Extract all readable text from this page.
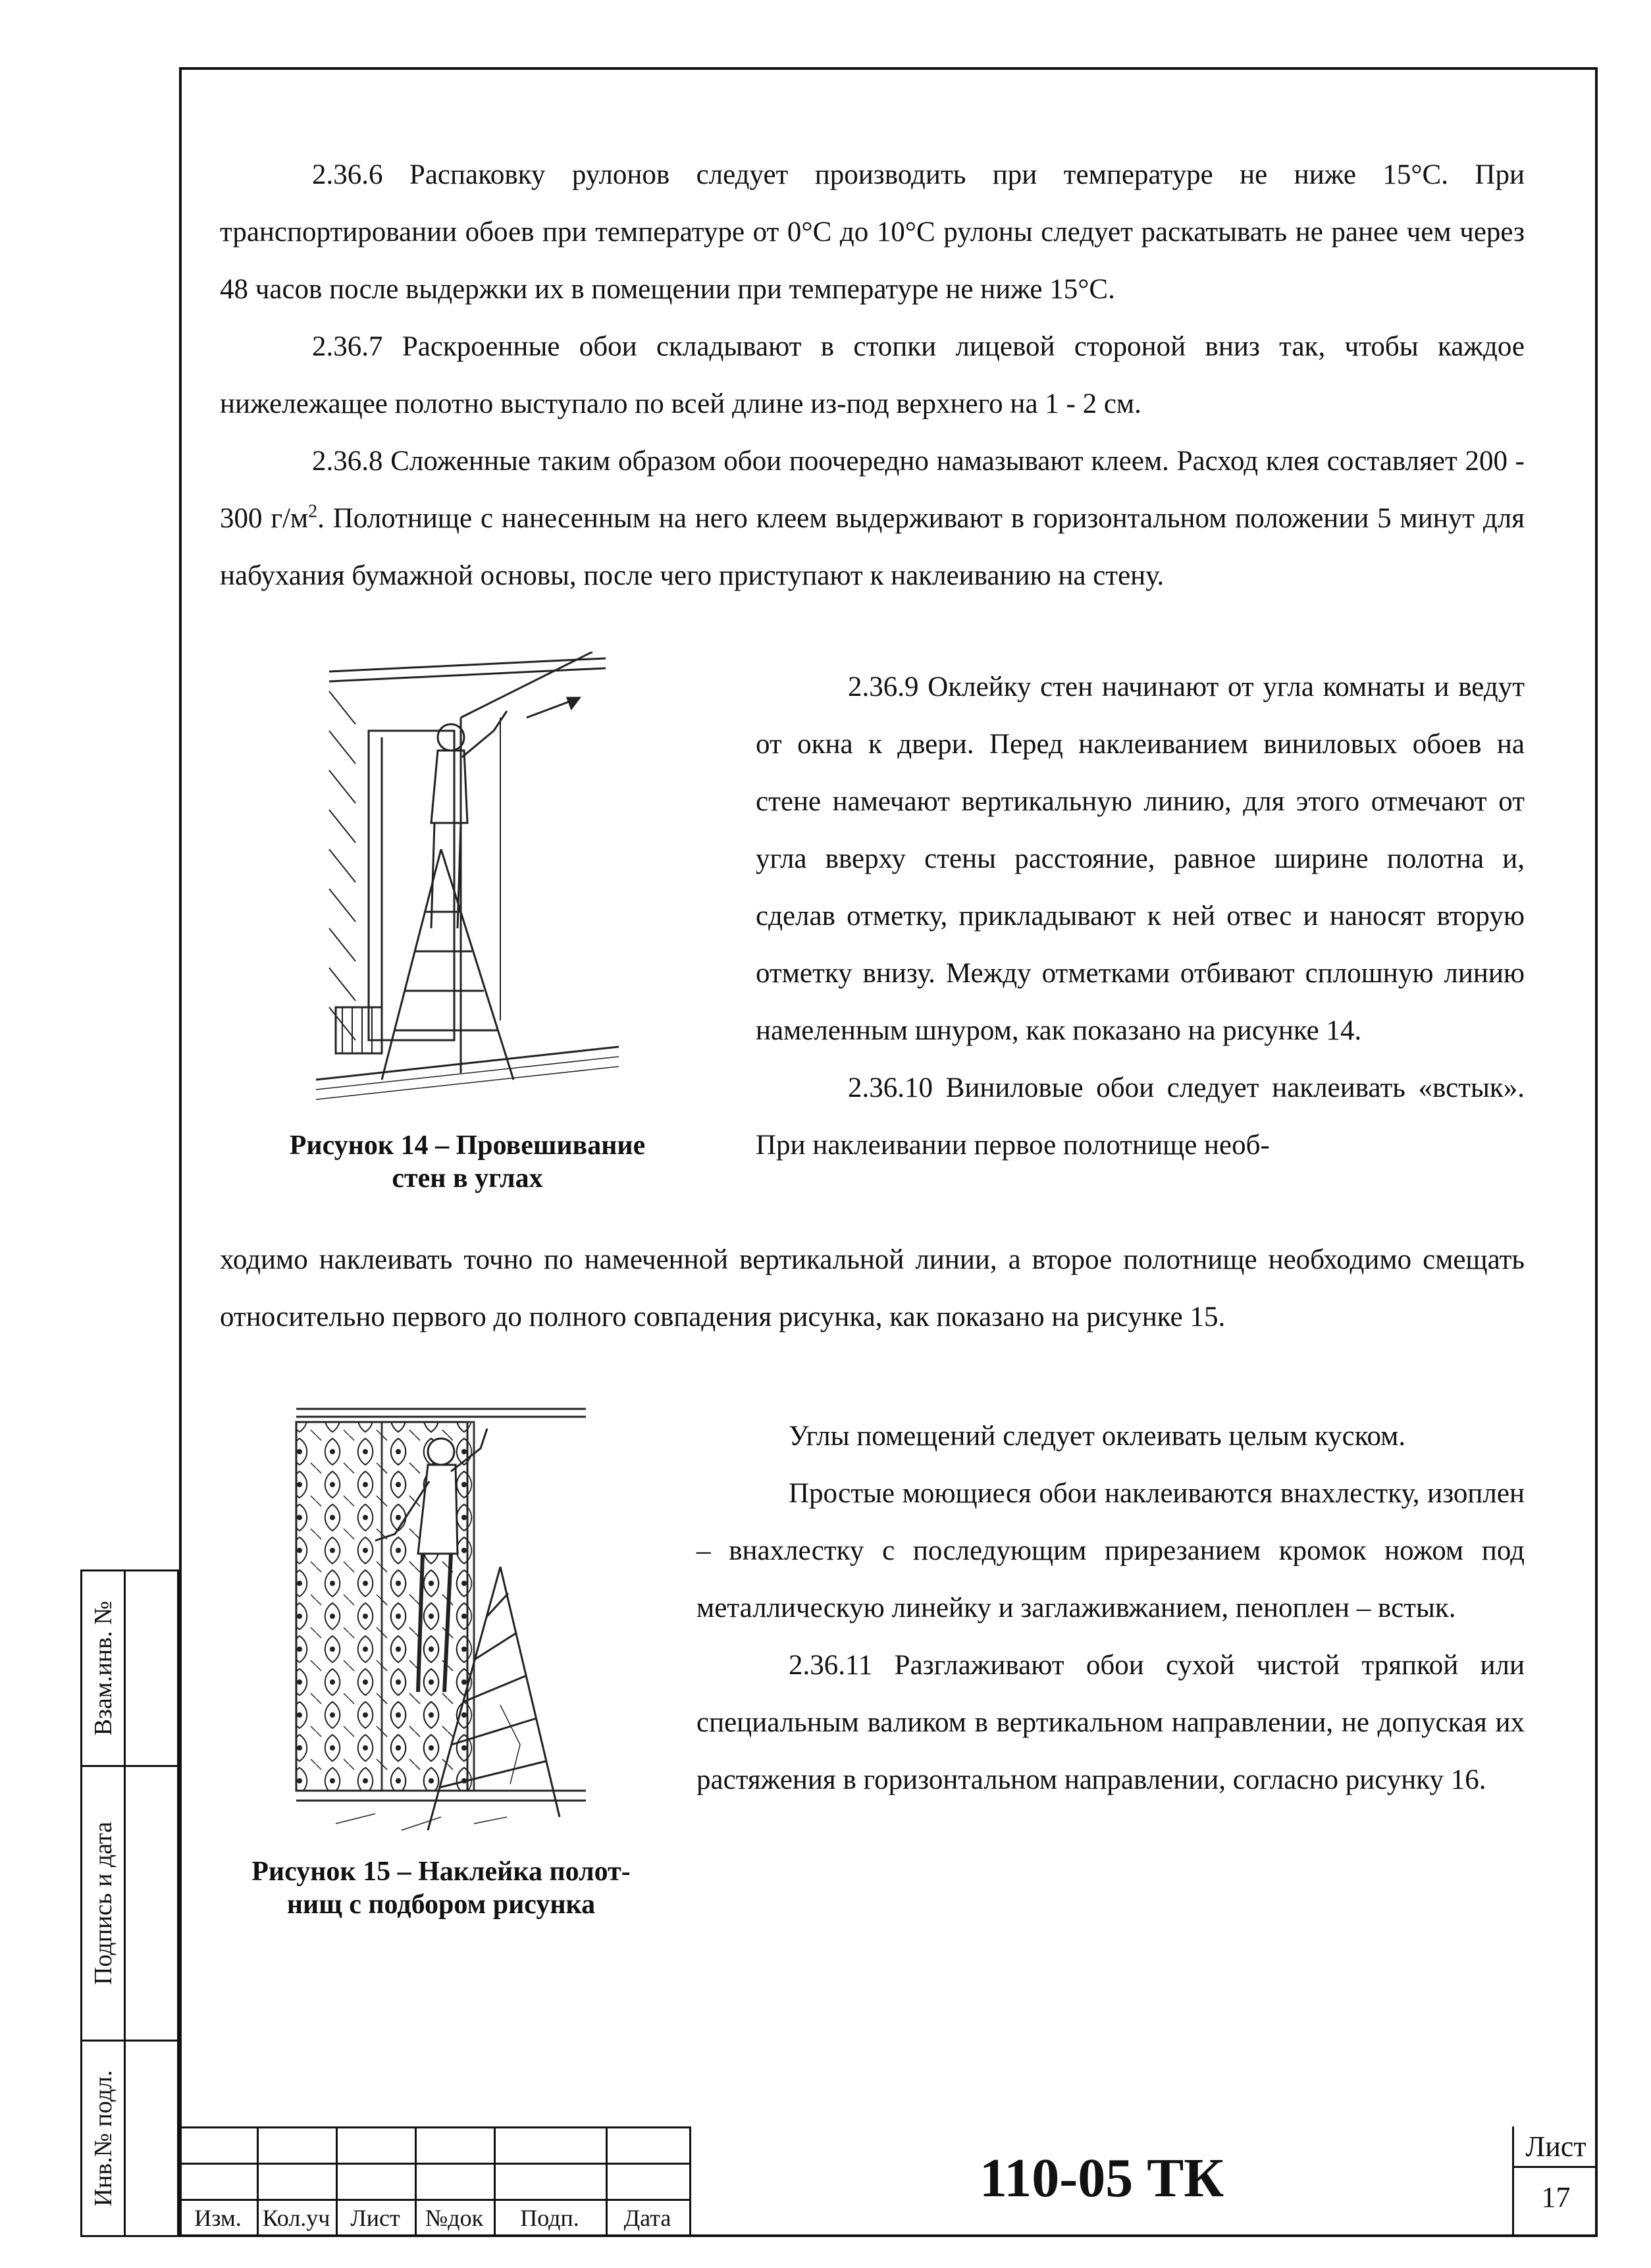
2.36.6 Распаковку рулонов следует производить при температуре не ниже 15°С. При транспортировании обоев при температуре от 0°С до 10°С рулоны следует раскатывать не ранее чем через 48 часов после выдержки их в помещении при температуре не ниже 15°С.

2.36.7 Раскроенные обои складывают в стопки лицевой стороной вниз так, чтобы каждое нижележащее полотно выступало по всей длине из-под верхнего на 1 - 2 см.

2.36.8 Сложенные таким образом обои поочередно намазывают клеем. Расход клея составляет 200 - 300 $г/м^2$. Полотнище с нанесенным на него клеем выдерживают в горизонтальном положении 5 минут для набухания бумажной основы, после чего приступают к наклеиванию на стену.

Рисунок 14 – Провешивание
стен в углах

2.36.9 Оклейку стен начинают от угла комнаты и ведут от окна к двери. Перед наклеиванием виниловых обоев на стене намечают вертикальную линию, для этого отмечают от угла вверху стены расстояние, равное ширине полотна и, сделав отметку, прикладывают к ней отвес и наносят вторую отметку внизу. Между отметками отбивают сплошную линию намеленным шнуром, как показано на рисунке 14.

2.36.10 Виниловые обои следует наклеивать «встык». При наклеивании первое полотнище необ-

ходимо наклеивать точно по намеченной вертикальной линии, а второе полотнище необходимо смещать относительно первого до полного совпадения рисунка, как показано на рисунке 15.

Рисунок 15 – Наклейка полот-
нищ с подбором рисунка

Углы помещений следует оклеивать целым куском.

Простые моющиеся обои наклеиваются внахлестку, изоплен – внахлестку с последующим прирезанием кромок ножом под металлическую линейку и заглаживжанием, пеноплен – встык.

2.36.11 Разглаживают обои сухой чистой тряпкой или специальным валиком в вертикальном направлении, не допуская их растяжения в горизонтальном направлении, согласно рисунку 16.

Взам.инв. №
Подпись и дата
Инв.№ подл.
Изм. Кол.уч Лист	№док	Подп.	Дата
110-05 ТК
Лист
17
